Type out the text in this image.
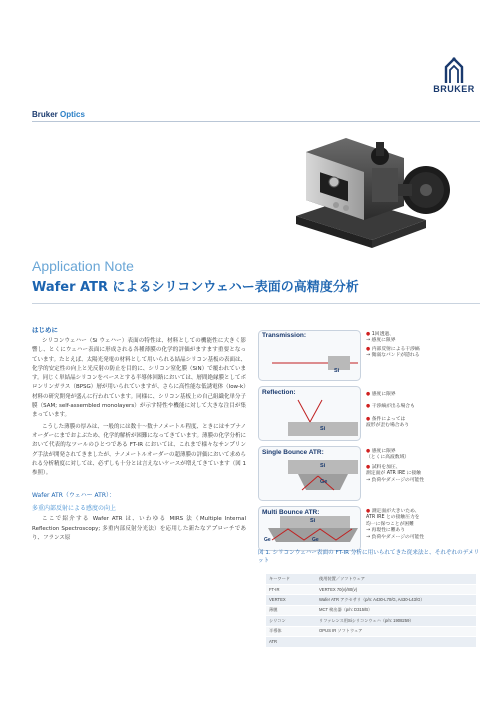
BRUKER
Bruker Optics
Application Note
Wafer ATR によるシリコンウェハー表面の高精度分析
はじめに

シリコンウェハー（Si ウェハー）表面の特性は、材料としての機能性に大きく影響し、とくにウェハー表面に形成される各種薄膜の化学的評価がますます重要となっています。たとえば、太陽光発電の材料として用いられる結晶シリコン基板の表面は、化学的安定性の向上と光反射の防止を目的に、シリコン窒化膜（SiN）で覆われています。同じく単結晶シリコンをベースとする半導体回路においては、層間絶縁膜としてボロンリンガラス（BPSG）層が用いられていますが、さらに高性能な低誘電体（low-k）材料の研究開発が盛んに行われています。同様に、シリコン基板上の自己組織化単分子膜（SAM; self-assembled monolayers）が示す特性や機能に対して大きな注目が集まっています。

こうした薄膜の厚みは、一般的には数十〜数ナノメートル程度、ときにはサブナノオーダーにまでおよぶため、化学的解析が困難になってきています。薄膜の化学分析において代表的なツールのひとつである FT-IR においては、これまで様々なサンプリング手法が開発されてきましたが、ナノメートルオーダーの超薄膜の評価において求められる分析精度に対しては、必ずしも十分とは言えないケースが増えてきています（図 1 参照）。

Wafer ATR（ウェハー ATR）：
多重内部反射による感度の向上

ここで紹介する Wafer ATR は、いわゆる MIRS 法（Multiple Internal Reflection Spectroscopy; 多重内部反射分光法）を応用した新たなアプローチであり、フランス原

Transmission:
Si
Reflection:
Si
Single Bounce ATR:
Si
Ge
Multi Bounce ATR:
Si
Ge	Ge
● 1回透過、
→ 感度に限界
● 内部反射による干渉縞
→ 微弱なバンドが隠れる
● 感度に限界
● 干渉縞が出る場合も
● 条件によっては
波形が歪む場合あり
● 感度に限界
（とくに高波数域）
● 試料を加圧、
測定面が ATR IRE に接触
→ 負荷やダメージの可能性
● 測定面が大きいため、
ATR IRE との接触圧力を
均一に保つことが困難
→ 再現性に難あり
→ 負荷やダメージの可能性
図 1. シリコンウェハー表面の FT-IR 分析に用いられてきた従来法と、それぞれのデメリット
キーワード	使用装置／ソフトウェア
FT-IR	VERTEX 70(v)/80(v)
VERTEX	Wafer ATR アクセサリ（p/n: A430-L70/G, A430-L43/G）
薄膜	MCT 検出器（p/n: D315/B）
シリコン	リファレンス用Siシリコンウェハ（p/n: 1908259）
半導体	OPUS IR ソフトウェア
ATR	
